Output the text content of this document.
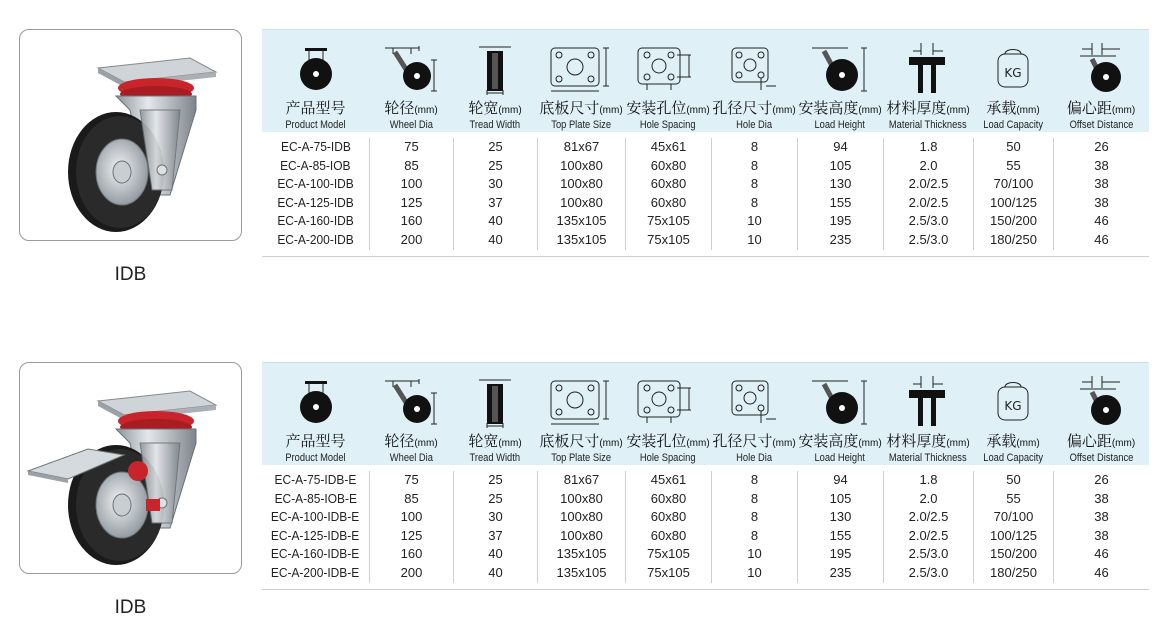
IDB
产品型号
Product Model
轮径(mm)
Wheel Dia
轮宽(mm)
Tread Width
底板尺寸(mm)
Top Plate Size
安装孔位(mm)
Hole Spacing
孔径尺寸(mm)
Hole Dia
安装高度(mm)
Load Height
材料厚度(mm)
Material Thickness
KG
承载(mm)
Load Capacity
偏心距(mm)
Offset Distance
EC-A-75-IDB
EC-A-85-IOB
EC-A-100-IDB
EC-A-125-IDB
EC-A-160-IDB
EC-A-200-IDB
75
85
100
125
160
200
25
25
30
37
40
40
81x67
100x80
100x80
100x80
135x105
135x105
45x61
60x80
60x80
60x80
75x105
75x105
8
8
8
8
10
10
94
105
130
155
195
235
1.8
2.0
2.0/2.5
2.0/2.5
2.5/3.0
2.5/3.0
50
55
70/100
100/125
150/200
180/250
26
38
38
38
46
46
IDB
产品型号
Product Model
轮径(mm)
Wheel Dia
轮宽(mm)
Tread Width
底板尺寸(mm)
Top Plate Size
安装孔位(mm)
Hole Spacing
孔径尺寸(mm)
Hole Dia
安装高度(mm)
Load Height
材料厚度(mm)
Material Thickness
KG
承载(mm)
Load Capacity
偏心距(mm)
Offset Distance
EC-A-75-IDB-E
EC-A-85-IOB-E
EC-A-100-IDB-E
EC-A-125-IDB-E
EC-A-160-IDB-E
EC-A-200-IDB-E
75
85
100
125
160
200
25
25
30
37
40
40
81x67
100x80
100x80
100x80
135x105
135x105
45x61
60x80
60x80
60x80
75x105
75x105
8
8
8
8
10
10
94
105
130
155
195
235
1.8
2.0
2.0/2.5
2.0/2.5
2.5/3.0
2.5/3.0
50
55
70/100
100/125
150/200
180/250
26
38
38
38
46
46
